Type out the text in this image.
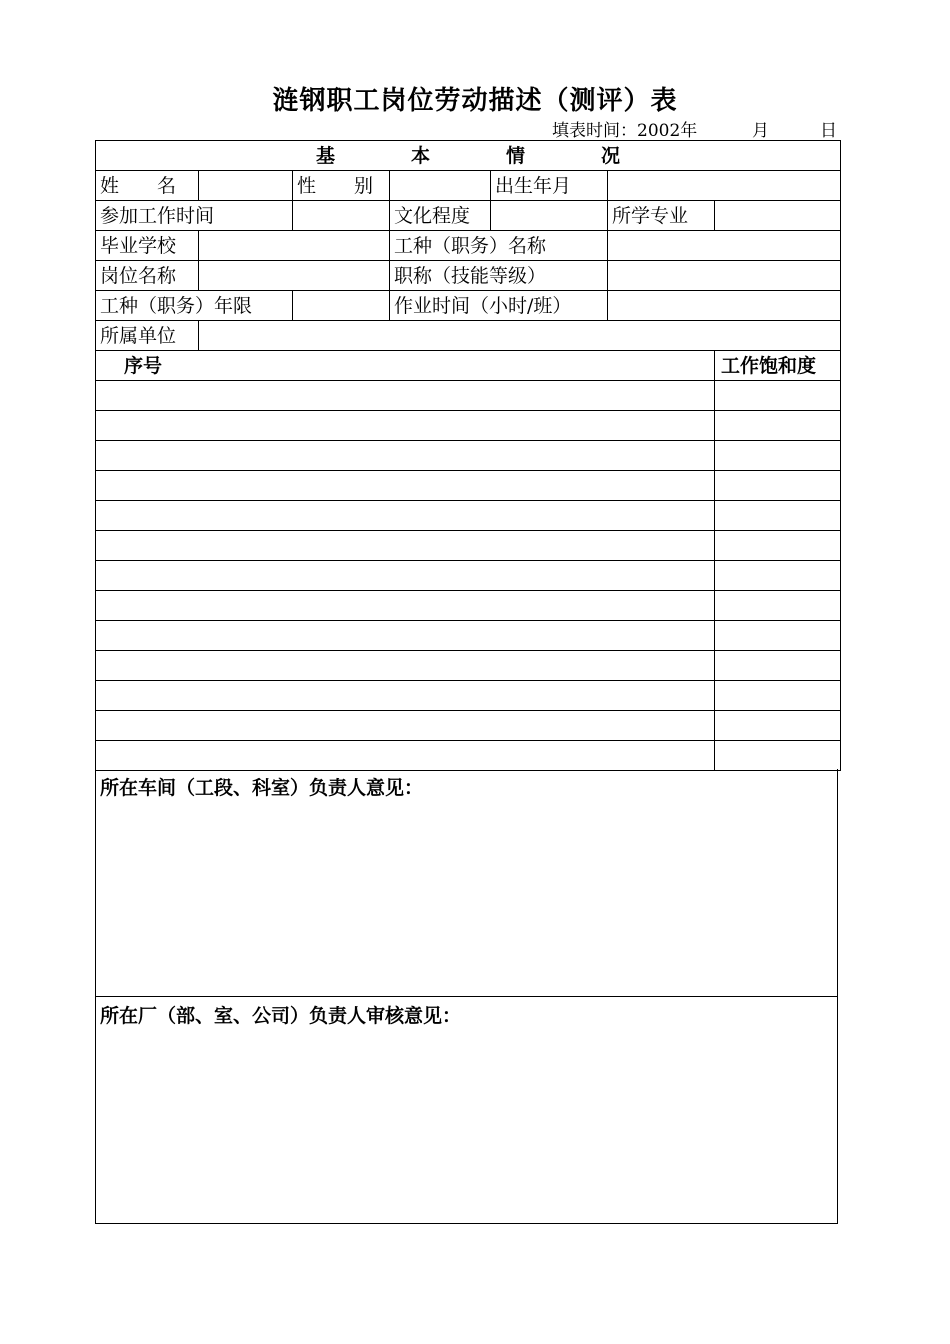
涟钢职工岗位劳动描述（测评）表

填表时间：2002年

	月

	日

基 本 情 况						
姓　　名		性　　别		出生年月		
参加工作时间			文化程度		所学专业	
毕业学校			工种（职务）名称			
岗位名称			职称（技能等级）			
工种（职务）年限			作业时间（小时/班）			
所属单位						
序号						工作饱和度

所在车间（工段、科室）负责人意见：
所在厂（部、室、公司）负责人审核意见：
